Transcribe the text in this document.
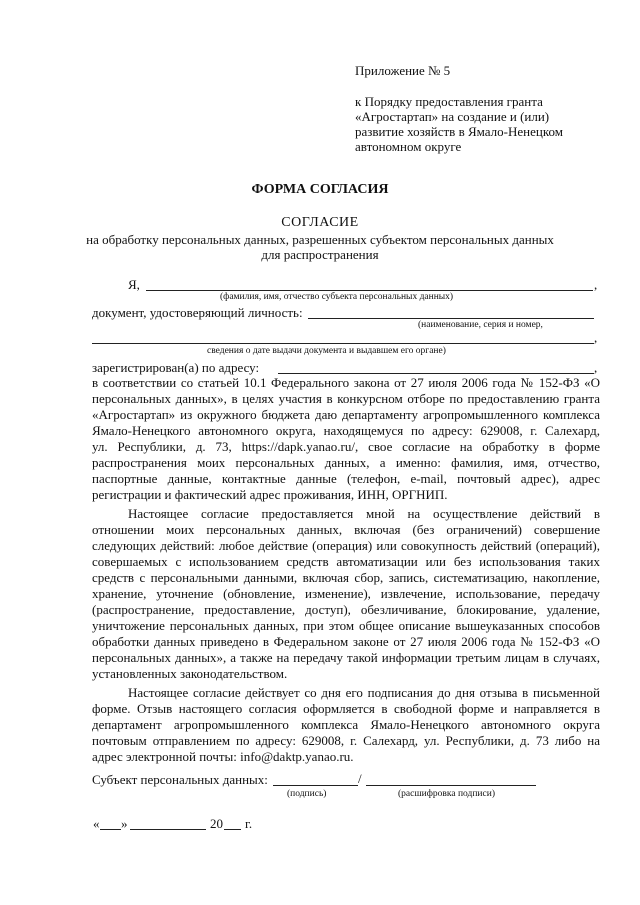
Приложение № 5
к Порядку предоставления гранта
«Агростартап» на создание и (или)
развитие хозяйств в Ямало-Ненецком
автономном округе
ФОРМА СОГЛАСИЯ
СОГЛАСИЕ
на обработку персональных данных, разрешенных субъектом персональных данных
для распространения
Я,	,
(фамилия, имя, отчество субъекта персональных данных)
документ, удостоверяющий личность:
(наименование, серия и номер,
,
сведения о дате выдачи документа и выдавшем его органе)
зарегистрирован(а) по адресу:	,
в соответствии со статьей 10.1 Федерального закона от 27 июля 2006 года № 152-ФЗ «О
персональных данных», в целях участия в конкурсном отборе по предоставлению гранта
«Агростартап» из окружного бюджета даю департаменту агропромышленного комплекса
Ямало-Ненецкого автономного округа, находящемуся по адресу: 629008, г. Салехард,
ул. Республики, д. 73, https://dapk.yanao.ru/, свое согласие на обработку в форме
распространения моих персональных данных, а именно: фамилия, имя, отчество,
паспортные данные, контактные данные (телефон, e-mail, почтовый адрес), адрес
регистрации и фактический адрес проживания, ИНН, ОРГНИП.
Настоящее согласие предоставляется мной на осуществление действий в
отношении моих персональных данных, включая (без ограничений) совершение
следующих действий: любое действие (операция) или совокупность действий (операций),
совершаемых с использованием средств автоматизации или без использования таких
средств с персональными данными, включая сбор, запись, систематизацию, накопление,
хранение, уточнение (обновление, изменение), извлечение, использование, передачу
(распространение, предоставление, доступ), обезличивание, блокирование, удаление,
уничтожение персональных данных, при этом общее описание вышеуказанных способов
обработки данных приведено в Федеральном законе от 27 июля 2006 года № 152-ФЗ «О
персональных данных», а также на передачу такой информации третьим лицам в случаях,
установленных законодательством.
Настоящее согласие действует со дня его подписания до дня отзыва в письменной
форме. Отзыв настоящего согласия оформляется в свободной форме и направляется в
департамент агропромышленного комплекса Ямало-Ненецкого автономного округа
почтовым отправлением по адресу: 629008, г. Салехард, ул. Республики, д. 73 либо на
адрес электронной почты: info@daktp.yanao.ru.
Субъект персональных данных:	/
(подпись)	(расшифровка подписи)
« »	20 г.
